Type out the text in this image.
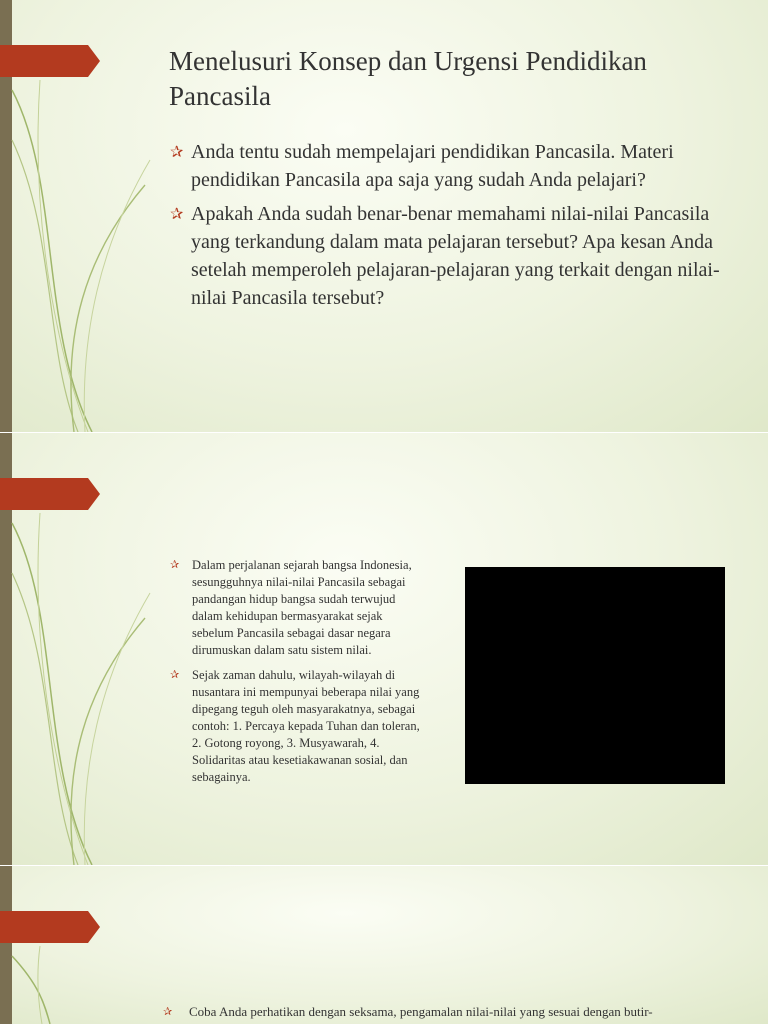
Menelusuri Konsep dan Urgensi Pendidikan Pancasila
✰ Anda tentu sudah mempelajari pendidikan Pancasila. Materi pendidikan Pancasila apa saja yang sudah Anda pelajari?
✰ Apakah Anda sudah benar-benar memahami nilai-nilai Pancasila yang terkandung dalam mata pelajaran tersebut? Apa kesan Anda setelah memperoleh pelajaran-pelajaran yang terkait dengan nilai-nilai Pancasila tersebut?
✰ Dalam perjalanan sejarah bangsa Indonesia, sesungguhnya nilai-nilai Pancasila sebagai pandangan hidup bangsa sudah terwujud dalam kehidupan bermasyarakat sejak sebelum Pancasila sebagai dasar negara dirumuskan dalam satu sistem nilai.
✰ Sejak zaman dahulu, wilayah-wilayah di nusantara ini mempunyai beberapa nilai yang dipegang teguh oleh masyarakatnya, sebagai contoh: 1. Percaya kepada Tuhan dan toleran, 2. Gotong royong, 3. Musyawarah, 4. Solidaritas atau kesetiakawanan sosial, dan sebagainya.
✰ Coba Anda perhatikan dengan seksama, pengamalan nilai-nilai yang sesuai dengan butir-
